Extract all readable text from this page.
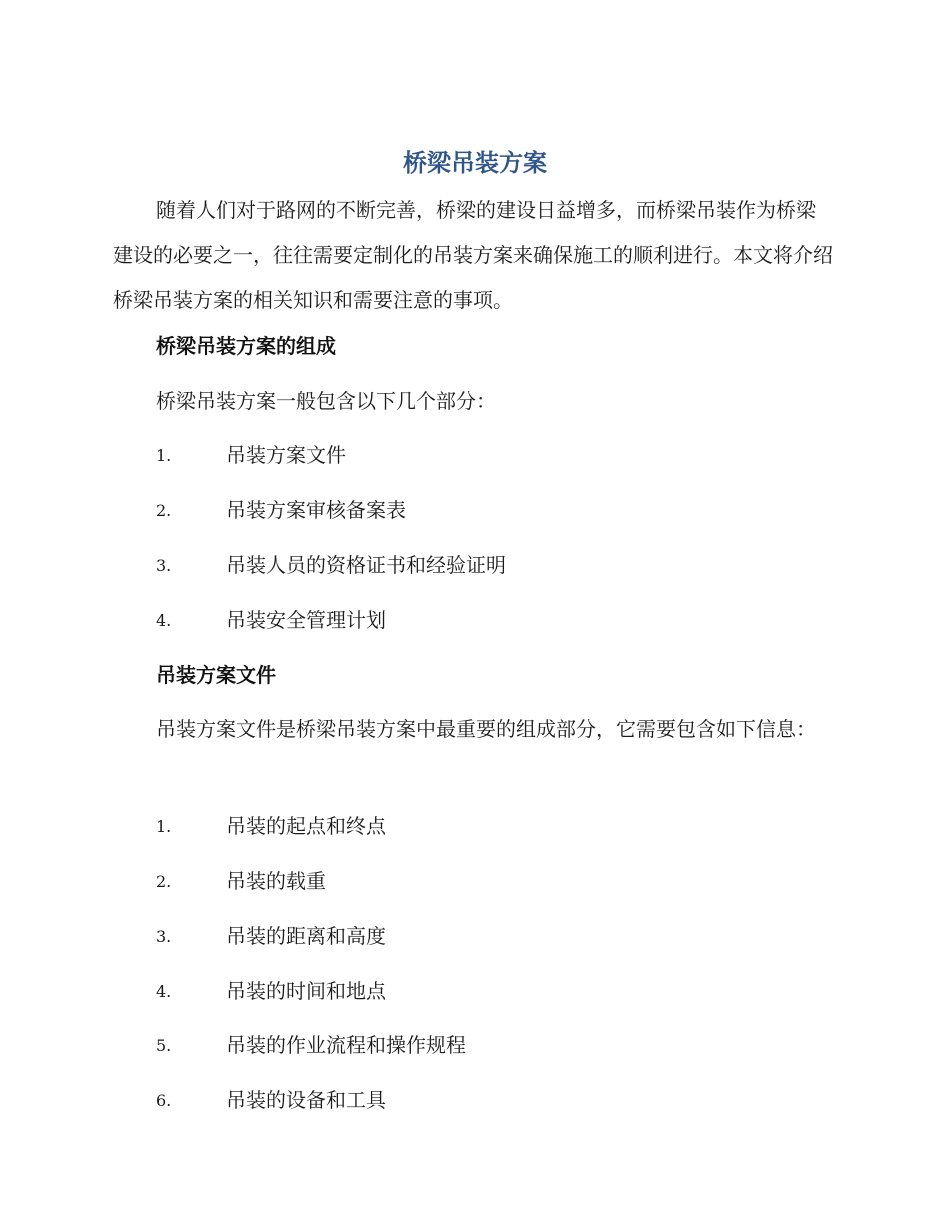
桥梁吊装方案

随着人们对于路网的不断完善，桥梁的建设日益增多，而桥梁吊装作为桥梁建设的必要之一，往往需要定制化的吊装方案来确保施工的顺利进行。本文将介绍桥梁吊装方案的相关知识和需要注意的事项。

桥梁吊装方案的组成

桥梁吊装方案一般包含以下几个部分：

1.	吊装方案文件
2.	吊装方案审核备案表
3.	吊装人员的资格证书和经验证明
4.	吊装安全管理计划
吊装方案文件

吊装方案文件是桥梁吊装方案中最重要的组成部分，它需要包含如下信息：

1.	吊装的起点和终点
2.	吊装的载重
3.	吊装的距离和高度
4.	吊装的时间和地点
5.	吊装的作业流程和操作规程
6.	吊装的设备和工具
